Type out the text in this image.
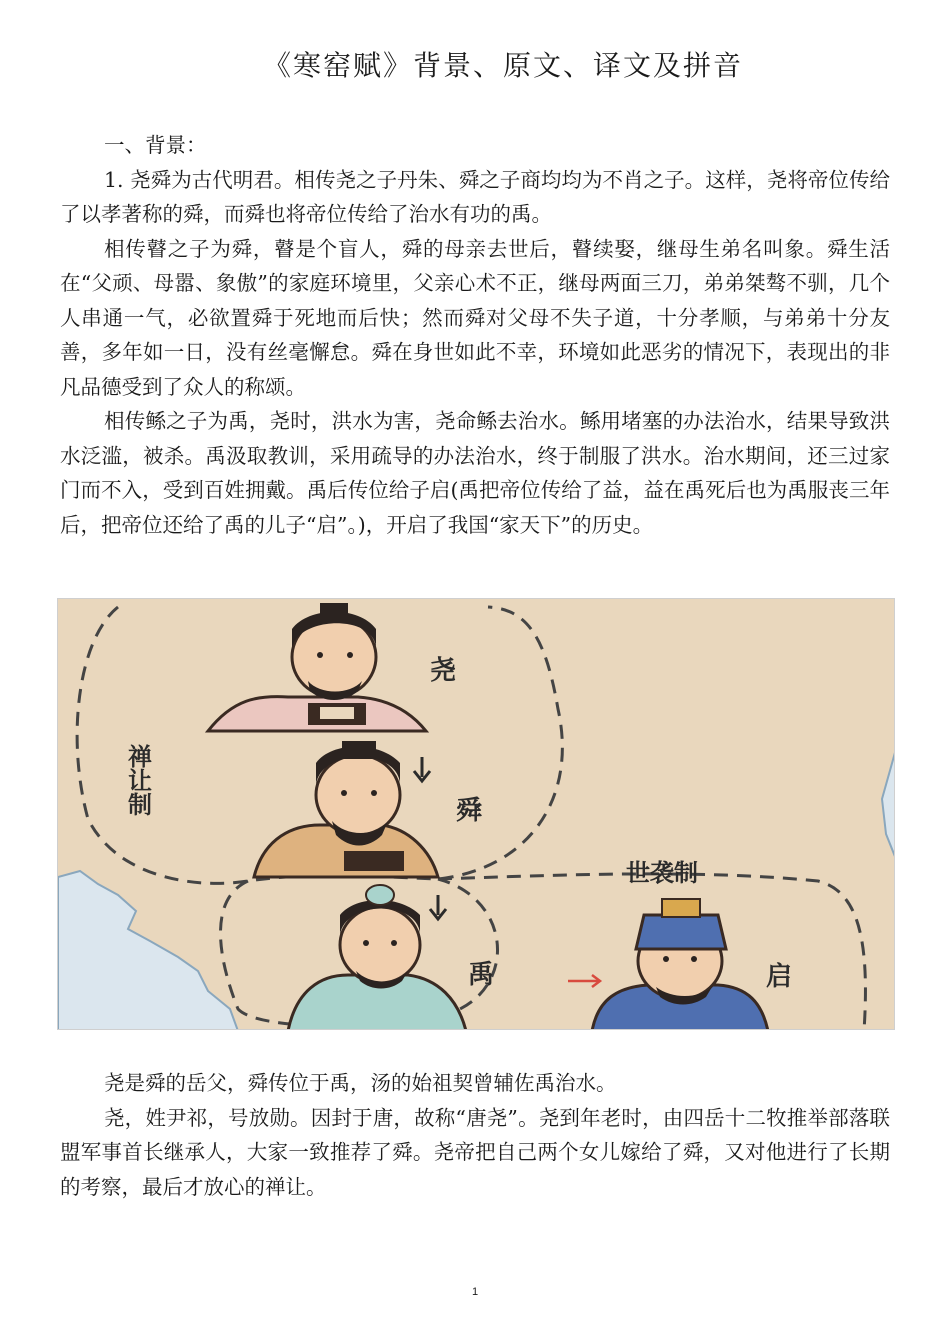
《寒窑赋》背景、原文、译文及拼音

一、背景：

1. 尧舜为古代明君。相传尧之子丹朱、舜之子商均均为不肖之子。这样，尧将帝位传给了以孝著称的舜，而舜也将帝位传给了治水有功的禹。

相传瞽之子为舜，瞽是个盲人，舜的母亲去世后，瞽续娶，继母生弟名叫象。舜生活在“父顽、母嚣、象傲”的家庭环境里，父亲心术不正，继母两面三刀，弟弟桀骜不驯，几个人串通一气，必欲置舜于死地而后快；然而舜对父母不失子道，十分孝顺，与弟弟十分友善，多年如一日，没有丝毫懈怠。舜在身世如此不幸，环境如此恶劣的情况下，表现出的非凡品德受到了众人的称颂。

相传鲧之子为禹，尧时，洪水为害，尧命鲧去治水。鲧用堵塞的办法治水，结果导致洪水泛滥，被杀。禹汲取教训，采用疏导的办法治水，终于制服了洪水。治水期间，还三过家门而不入，受到百姓拥戴。禹后传位给子启(禹把帝位传给了益，益在禹死后也为禹服丧三年后，把帝位还给了禹的儿子“启”。)，开启了我国“家天下”的历史。

尧
舜
禹	启
禅
让
制
世袭制

尧是舜的岳父，舜传位于禹，汤的始祖契曾辅佐禹治水。

尧，姓尹祁，号放勋。因封于唐，故称“唐尧”。尧到年老时，由四岳十二牧推举部落联盟军事首长继承人，大家一致推荐了舜。尧帝把自己两个女儿嫁给了舜，又对他进行了长期的考察，最后才放心的禅让。

1
